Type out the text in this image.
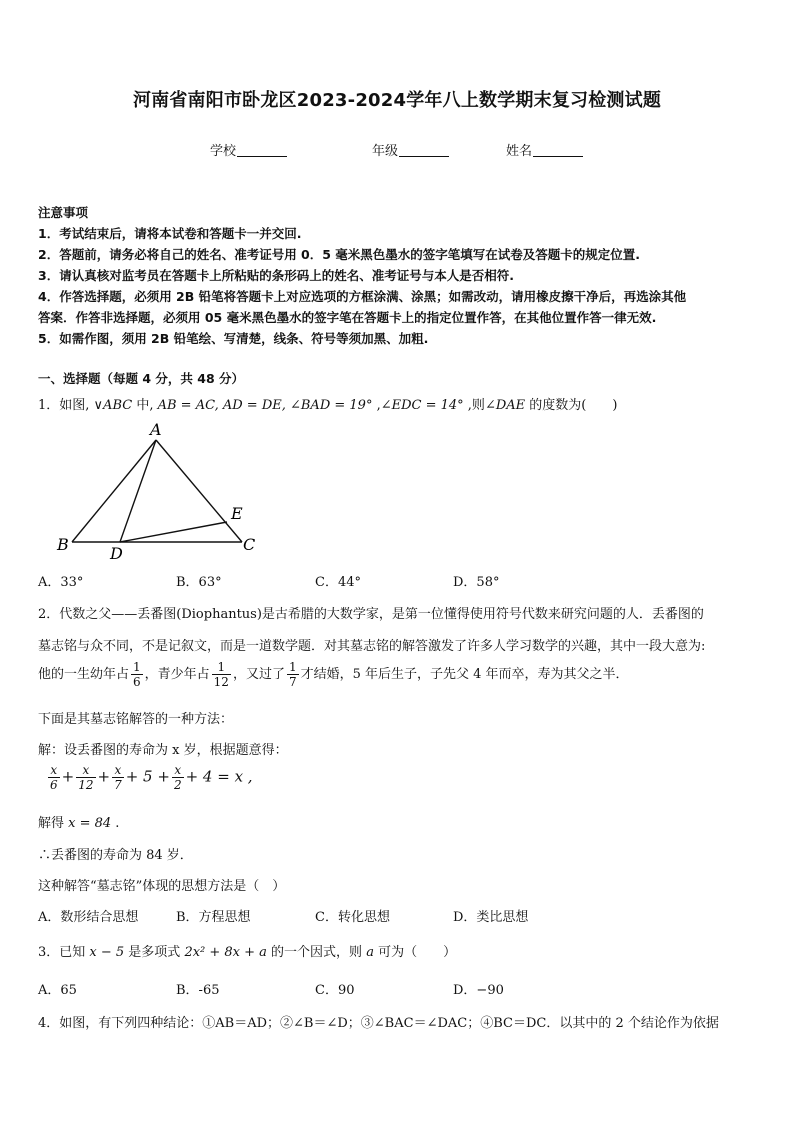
河南省南阳市卧龙区2023-2024学年八上数学期末复习检测试题
学校	年级	姓名
注意事项
1．考试结束后，请将本试卷和答题卡一并交回.
2．答题前，请务必将自己的姓名、准考证号用 0．5 毫米黑色墨水的签字笔填写在试卷及答题卡的规定位置.
3．请认真核对监考员在答题卡上所粘贴的条形码上的姓名、准考证号与本人是否相符.
4．作答选择题，必须用 2B 铅笔将答题卡上对应选项的方框涂满、涂黑；如需改动，请用橡皮擦干净后，再选涂其他
答案．作答非选择题，必须用 05 毫米黑色墨水的签字笔在答题卡上的指定位置作答，在其他位置作答一律无效.
5．如需作图，须用 2B 铅笔绘、写清楚，线条、符号等须加黑、加粗.
一、选择题（每题 4 分，共 48 分）
1．如图, ∨ABC 中, AB = AC, AD = DE, ∠BAD = 19° ,∠EDC = 14° ,则∠DAE 的度数为(　　)
A
B	C
D
E
A．33°	B．63°	C．44°	D．58°
2．代数之父——丢番图(Diophantus)是古希腊的大数学家，是第一位懂得使用符号代数来研究问题的人．丢番图的
墓志铭与众不同，不是记叙文，而是一道数学题．对其墓志铭的解答激发了许多人学习数学的兴趣，其中一段大意为:
他的一生幼年占 $\frac{1}{6}$ ，青少年占 $\frac{1}{12}$ ，又过了 $\frac{1}{7}$ 才结婚，5 年后生子，子先父 4 年而卒，寿为其父之半．
下面是其墓志铭解答的一种方法：
解：设丢番图的寿命为 x 岁，根据题意得：
$\frac{x}{6} + \frac{x}{12} + \frac{x}{7} + 5 + \frac{x}{2} + 4 = x$ ,
解得 x = 84 .
∴丢番图的寿命为 84 岁．
这种解答“墓志铭”体现的思想方法是（　）
A．数形结合思想	B．方程思想	C．转化思想	D．类比思想
3．已知 x − 5 是多项式 2x² + 8x + a 的一个因式，则 a 可为（　　）
A．65	B．-65	C．90	D．−90
4．如图，有下列四种结论：①AB＝AD；②∠B＝∠D；③∠BAC＝∠DAC；④BC＝DC．以其中的 2 个结论作为依据
